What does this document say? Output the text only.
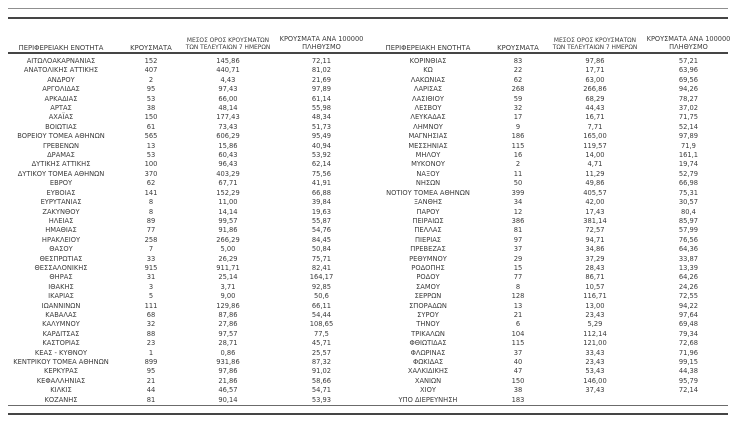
ΠΕΡΙΦΕΡΕΙΑΚΗ ΕΝΟΤΗΤΑ	ΚΡΟΥΣΜΑΤΑ
ΜΕΣΟΣ ΟΡΟΣ ΚΡΟΥΣΜΑΤΩΝ
ΤΩΝ ΤΕΛΕΥΤΑΙΩΝ 7 ΗΜΕΡΩΝ
ΚΡΟΥΣΜΑΤΑ ΑΝΑ 100000
ΠΛΗΘΥΣΜΟ
ΑΙΤΩΛΟΑΚΑΡΝΑΝΙΑΣ	152	145,86	72,11
ΑΝΑΤΟΛΙΚΗΣ ΑΤΤΙΚΗΣ	407	440,71	81,02
ΑΝΔΡΟΥ	2	4,43	21,69
ΑΡΓΟΛΙΔΑΣ	95	97,43	97,89
ΑΡΚΑΔΙΑΣ	53	66,00	61,14
ΑΡΤΑΣ	38	48,14	55,98
ΑΧΑΪΑΣ	150	177,43	48,34
ΒΟΙΩΤΙΑΣ	61	73,43	51,73
ΒΟΡΕΙΟΥ ΤΟΜΕΑ ΑΘΗΝΩΝ	565	606,29	95,49
ΓΡΕΒΕΝΩΝ	13	15,86	40,94
ΔΡΑΜΑΣ	53	60,43	53,92
ΔΥΤΙΚΗΣ ΑΤΤΙΚΗΣ	100	96,43	62,14
ΔΥΤΙΚΟΥ ΤΟΜΕΑ ΑΘΗΝΩΝ	370	403,29	75,56
ΕΒΡΟΥ	62	67,71	41,91
ΕΥΒΟΙΑΣ	141	152,29	66,88
ΕΥΡΥΤΑΝΙΑΣ	8	11,00	39,84
ΖΑΚΥΝΘΟΥ	8	14,14	19,63
ΗΛΕΙΑΣ	89	99,57	55,87
ΗΜΑΘΙΑΣ	77	91,86	54,76
ΗΡΑΚΛΕΙΟΥ	258	266,29	84,45
ΘΑΣΟΥ	7	5,00	50,84
ΘΕΣΠΡΩΤΙΑΣ	33	26,29	75,71
ΘΕΣΣΑΛΟΝΙΚΗΣ	915	911,71	82,41
ΘΗΡΑΣ	31	25,14	164,17
ΙΘΑΚΗΣ	3	3,71	92,85
ΙΚΑΡΙΑΣ	5	9,00	50,6
ΙΩΑΝΝΙΝΩΝ	111	129,86	66,11
ΚΑΒΑΛΑΣ	68	87,86	54,44
ΚΑΛΥΜΝΟΥ	32	27,86	108,65
ΚΑΡΔΙΤΣΑΣ	88	97,57	77,5
ΚΑΣΤΟΡΙΑΣ	23	28,71	45,71
ΚΕΑΣ - ΚΥΘΝΟΥ	1	0,86	25,57
ΚΕΝΤΡΙΚΟΥ ΤΟΜΕΑ ΑΘΗΝΩΝ	899	931,86	87,32
ΚΕΡΚΥΡΑΣ	95	97,86	91,02
ΚΕΦΑΛΛΗΝΙΑΣ	21	21,86	58,66
ΚΙΛΚΙΣ	44	46,57	54,71
ΚΟΖΑΝΗΣ	81	90,14	53,93
ΠΕΡΙΦΕΡΕΙΑΚΗ ΕΝΟΤΗΤΑ	ΚΡΟΥΣΜΑΤΑ
ΜΕΣΟΣ ΟΡΟΣ ΚΡΟΥΣΜΑΤΩΝ
ΤΩΝ ΤΕΛΕΥΤΑΙΩΝ 7 ΗΜΕΡΩΝ
ΚΡΟΥΣΜΑΤΑ ΑΝΑ 100000
ΠΛΗΘΥΣΜΟ
ΚΟΡΙΝΘΙΑΣ	83	97,86	57,21
ΚΩ	22	17,71	63,96
ΛΑΚΩΝΙΑΣ	62	63,00	69,56
ΛΑΡΙΣΑΣ	268	266,86	94,26
ΛΑΣΙΘΙΟΥ	59	68,29	78,27
ΛΕΣΒΟΥ	32	44,43	37,02
ΛΕΥΚΑΔΑΣ	17	16,71	71,75
ΛΗΜΝΟΥ	9	7,71	52,14
ΜΑΓΝΗΣΙΑΣ	186	165,00	97,89
ΜΕΣΣΗΝΙΑΣ	115	119,57	71,9
ΜΗΛΟΥ	16	14,00	161,1
ΜΥΚΟΝΟΥ	2	4,71	19,74
ΝΑΞΟΥ	11	11,29	52,79
ΝΗΣΩΝ	50	49,86	66,98
ΝΟΤΙΟΥ ΤΟΜΕΑ ΑΘΗΝΩΝ	399	405,57	75,31
ΞΑΝΘΗΣ	34	42,00	30,57
ΠΑΡΟΥ	12	17,43	80,4
ΠΕΙΡΑΙΩΣ	386	381,14	85,97
ΠΕΛΛΑΣ	81	72,57	57,99
ΠΙΕΡΙΑΣ	97	94,71	76,56
ΠΡΕΒΕΖΑΣ	37	34,86	64,36
ΡΕΘΥΜΝΟΥ	29	37,29	33,87
ΡΟΔΟΠΗΣ	15	28,43	13,39
ΡΟΔΟΥ	77	86,71	64,26
ΣΑΜΟΥ	8	10,57	24,26
ΣΕΡΡΩΝ	128	116,71	72,55
ΣΠΟΡΑΔΩΝ	13	13,00	94,22
ΣΥΡΟΥ	21	23,43	97,64
ΤΗΝΟΥ	6	5,29	69,48
ΤΡΙΚΑΛΩΝ	104	112,14	79,34
ΦΘΙΩΤΙΔΑΣ	115	121,00	72,68
ΦΛΩΡΙΝΑΣ	37	33,43	71,96
ΦΩΚΙΔΑΣ	40	23,43	99,15
ΧΑΛΚΙΔΙΚΗΣ	47	53,43	44,38
ΧΑΝΙΩΝ	150	146,00	95,79
ΧΙΟΥ	38	37,43	72,14
ΥΠΟ ΔΙΕΡΕΥΝΗΣΗ	183
